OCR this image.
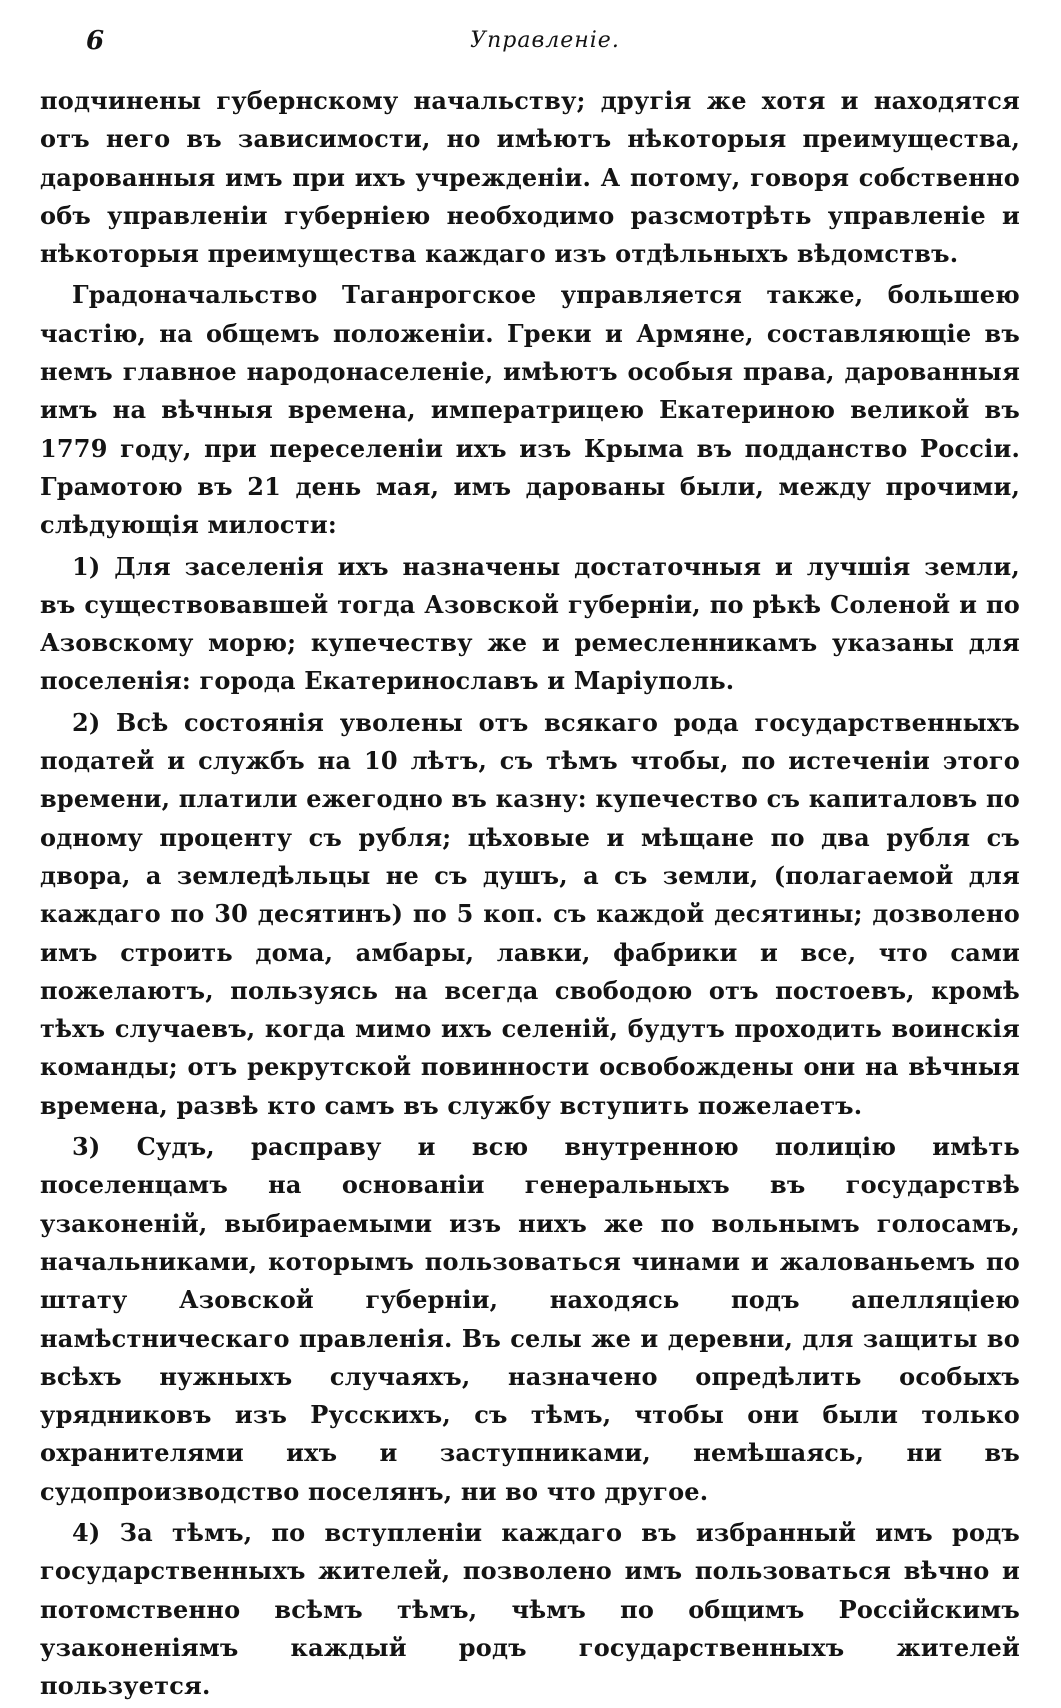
6	Управленіе.

подчинены губернскому начальству; другія же хотя и находятся отъ него въ зависимости, но имѣютъ нѣкоторыя преимущества, дарованныя имъ при ихъ учрежденіи. А потому, говоря собственно объ управленіи губерніею необходимо разсмотрѣть управленіе и нѣкоторыя преимущества каждаго изъ отдѣльныхъ вѣдомствъ.

Градоначальство Таганрогское управляется также, большею частію, на общемъ положеніи. Греки и Армяне, составляющіе въ немъ главное народонаселеніе, имѣютъ особыя права, дарованныя имъ на вѣчныя времена, императрицею Екатериною великой въ 1779 году, при переселеніи ихъ изъ Крыма въ подданство Россіи. Грамотою въ 21 день мая, имъ дарованы были, между прочими, слѣдующія милости:

1) Для заселенія ихъ назначены достаточныя и лучшія земли, въ существовавшей тогда Азовской губерніи, по рѣкѣ Соленой и по Азовскому морю; купечеству же и ремесленникамъ указаны для поселенія: города Екатеринославъ и Маріуполь.

2) Всѣ состоянія уволены отъ всякаго рода государственныхъ податей и службъ на 10 лѣтъ, съ тѣмъ чтобы, по истеченіи этого времени, платили ежегодно въ казну: купечество съ капиталовъ по одному проценту съ рубля; цѣховые и мѣщане по два рубля съ двора, а земледѣльцы не съ душъ, а съ земли, (полагаемой для каждаго по 30 десятинъ) по 5 коп. съ каждой десятины; дозволено имъ строить дома, амбары, лавки, фабрики и все, что сами пожелаютъ, пользуясь на всегда свободою отъ постоевъ, кромѣ тѣхъ случаевъ, когда мимо ихъ селеній, будутъ проходить воинскія команды; отъ рекрутской повинности освобождены они на вѣчныя времена, развѣ кто самъ въ службу вступить пожелаетъ.

3) Судъ, расправу и всю внутренною полицію имѣть поселенцамъ на основаніи генеральныхъ въ государствѣ узаконеній, выбираемыми изъ нихъ же по вольнымъ голосамъ, начальниками, которымъ пользоваться чинами и жалованьемъ по штату Азовской губерніи, находясь подъ апелляціею намѣстническаго правленія. Въ селы же и деревни, для защиты во всѣхъ нужныхъ случаяхъ, назначено опредѣлить особыхъ урядниковъ изъ Русскихъ, съ тѣмъ, чтобы они были только охранителями ихъ и заступниками, немѣшаясь, ни въ судопроизводство поселянъ, ни во что другое.

4) За тѣмъ, по вступленіи каждаго въ избранный имъ родъ государственныхъ жителей, позволено имъ пользоваться вѣчно и потомственно всѣмъ тѣмъ, чѣмъ по общимъ Россійскимъ узаконеніямъ каждый родъ государственныхъ жителей пользуется.
